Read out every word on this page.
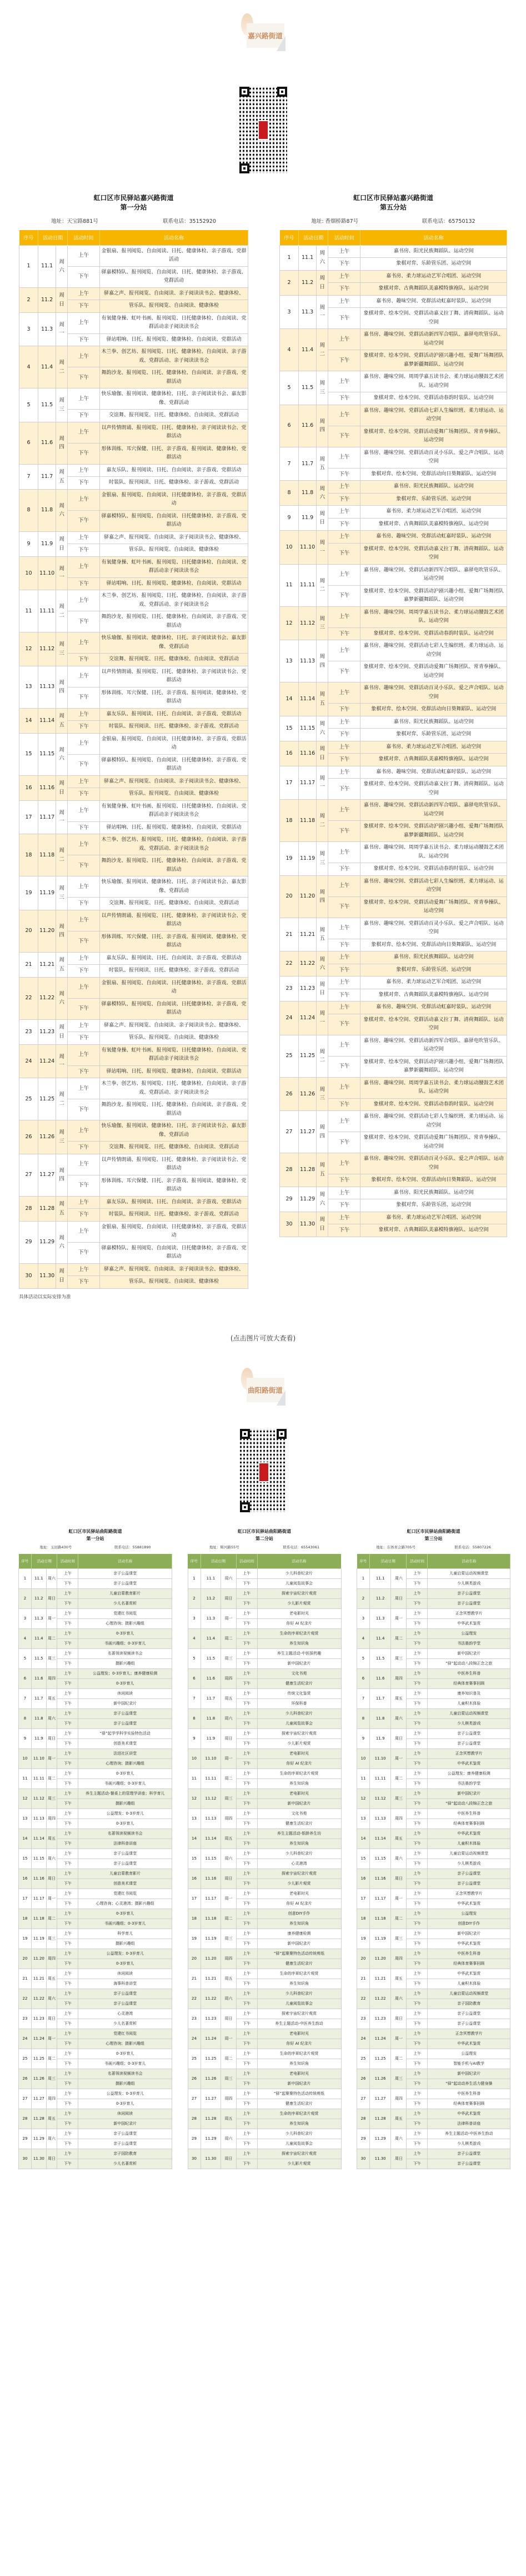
嘉兴路街道
虹口区市民驿站嘉兴路街道
第一分站
地址：天宝路881号	联系电话：35152920
序号	活动日期		活动时间	活动名称
1	11.1	周六	上午	金银扇、报刊阅览、自由阅读、日托、健康体检、亲子游戏、党群活动
			下午	驿嘉模特队、报刊阅览、自由阅读、日托、健康体检、亲子游戏、党群活动
2	11.2	周日	上午	驿嘉之声、报刊阅览、自由阅读、亲子阅读读书会、健康体检、
			下午	管乐队、报刊阅览、自由阅读、健康体检
3	11.3	周一	上午	有氧健身操、虹叶书画、报刊阅览、日托健康体检、自由阅读、党群活动亲子阅读读书会
			下午	驿站唱响、日托、报刊阅览、健康体检、自由阅读、党群活动
4	11.4	周二	上午	木兰拳、创艺坊、报刊阅览、日托、健康体检、自由阅读、亲子游戏、党群活动、亲子阅读读书会
			下午	舞韵沙龙、报刊阅览、日托、健康体检、自由阅读、亲子游戏、党群活动
5	11.5	周三	上午	快乐瑜伽、报刊阅读、健康体检、日托、亲子阅读读书会、嘉友影像、党群活动
			下午	交谊舞、报刊阅览、日托、健康体检、自由阅读、党群活动
6	11.6	周四	上午	以声传情朗诵、报刊阅览、日托、健康体检、亲子阅读读书会、党群活动
			下午	形体训练、耳穴保健、日托、亲子游戏、报刊阅读、健康体检、党群活动
7	11.7	周五	上午	嘉友乐队、报刊阅读、日托、自由阅读、亲子游戏、党群活动
			下午	时装队、报刊阅读、日托、健康体检、亲子游戏、党群活动
8	11.8	周六	上午	金银扇、报刊阅览、自由阅读、日托健康体检、亲子游戏、党群活动
			下午	驿嘉模特队、报刊阅览、自由阅读、日托健康体检、亲子游戏、党群活动
9	11.9	周日	上午	驿嘉之声、报刊阅览、自由阅读、亲子阅读读书会、健康体检、
			下午	管乐队、报刊阅览、自由阅读、健康体检
10	11.10	周一	上午	有氧健身操、虹叶书画、报刊阅览、日托健康体检、自由阅读、党群活动亲子阅读读书会
			下午	驿站唱响、日托、报刊阅览、健康体检、自由阅读、党群活动
11	11.11	周二	上午	木兰拳、创艺坊、报刊阅览、日托、健康体检、自由阅读、亲子游戏、党群活动、亲子阅读读书会
			下午	舞韵沙龙、报刊阅览、日托、健康体检、自由阅读、亲子游戏、党群活动
12	11.12	周三	上午	快乐瑜伽、报刊阅读、健康体检、日托、亲子阅读读书会、嘉友影像、党群活动
			下午	交谊舞、报刊阅览、日托、健康体检、自由阅读、党群活动
13	11.13	周四	上午	以声传情朗诵、报刊阅览、日托、健康体检、亲子阅读读书会、党群活动
			下午	形体训练、耳穴保健、日托、亲子游戏、报刊阅读、健康体检、党群活动
14	11.14	周五	上午	嘉友乐队、报刊阅读、日托、自由阅读、亲子游戏、党群活动
			下午	时装队、报刊阅读、日托、健康体检、亲子游戏、党群活动
15	11.15	周六	上午	金银扇、报刊阅览、自由阅读、日托健康体检、亲子游戏、党群活动
			下午	驿嘉模特队、报刊阅览、自由阅读、日托健康体检、亲子游戏、党群活动
16	11.16	周日	上午	驿嘉之声、报刊阅览、自由阅读、亲子阅读读书会、健康体检、
			下午	管乐队、报刊阅览、自由阅读、健康体检
17	11.17	周一	上午	有氧健身操、虹叶书画、报刊阅览、日托健康体检、自由阅读、党群活动亲子阅读读书会
			下午	驿站唱响、日托、报刊阅览、健康体检、自由阅读、党群活动
18	11.18	周二	上午	木兰拳、创艺坊、报刊阅览、日托、健康体检、自由阅读、亲子游戏、党群活动、亲子阅读读书会
			下午	舞韵沙龙、报刊阅览、日托、健康体检、自由阅读、亲子游戏、党群活动
19	11.19	周三	上午	快乐瑜伽、报刊阅读、健康体检、日托、亲子阅读读书会、嘉友影像、党群活动
			下午	交谊舞、报刊阅览、日托、健康体检、自由阅读、党群活动
20	11.20	周四	上午	以声传情朗诵、报刊阅览、日托、健康体检、亲子阅读读书会、党群活动
			下午	形体训练、耳穴保健、日托、亲子游戏、报刊阅读、健康体检、党群活动
21	11.21	周五	上午	嘉友乐队、报刊阅读、日托、自由阅读、亲子游戏、党群活动
			下午	时装队、报刊阅读、日托、健康体检、亲子游戏、党群活动
22	11.22	周六	上午	金银扇、报刊阅览、自由阅读、日托健康体检、亲子游戏、党群活动
			下午	驿嘉模特队、报刊阅览、自由阅读、日托健康体检、亲子游戏、党群活动
23	11.23	周日	上午	驿嘉之声、报刊阅览、自由阅读、亲子阅读读书会、健康体检、
			下午	管乐队、报刊阅览、自由阅读、健康体检
24	11.24	周一	上午	有氧健身操、虹叶书画、报刊阅览、日托健康体检、自由阅读、党群活动亲子阅读读书会
			下午	驿站唱响、日托、报刊阅览、健康体检、自由阅读、党群活动
25	11.25	周二	上午	木兰拳、创艺坊、报刊阅览、日托、健康体检、自由阅读、亲子游戏、党群活动、亲子阅读读书会
			下午	舞韵沙龙、报刊阅览、日托、健康体检、自由阅读、亲子游戏、党群活动
26	11.26	周三	上午	快乐瑜伽、报刊阅读、健康体检、日托、亲子阅读读书会、嘉友影像、党群活动
			下午	交谊舞、报刊阅览、日托、健康体检、自由阅读、党群活动
27	11.27	周四	上午	以声传情朗诵、报刊阅览、日托、健康体检、亲子阅读读书会、党群活动
			下午	形体训练、耳穴保健、日托、亲子游戏、报刊阅读、健康体检、党群活动
28	11.28	周五	上午	嘉友乐队、报刊阅读、日托、自由阅读、亲子游戏、党群活动
			下午	时装队、报刊阅读、日托、健康体检、亲子游戏、党群活动
29	11.29	周六	上午	金银扇、报刊阅览、自由阅读、日托健康体检、亲子游戏、党群活动
			下午	驿嘉模特队、报刊阅览、自由阅读、日托健康体检、亲子游戏、党群活动
30	11.30	周日	上午	驿嘉之声、报刊阅览、自由阅读、亲子阅读读书会、健康体检、
			下午	管乐队、报刊阅览、自由阅读、健康体检
具体活动以实际安排为准
虹口区市民驿站嘉兴路街道
第五分站
地址: 香烟桥路87号	联系电话：65750132
序号	活动日期		活动时间	活动名称
1	11.1	周六	上午	嘉书房、阳光民族舞蹈队、运动空间
			下午	象棋对弈、乐龄管乐团、运动空间
2	11.2	周日	上午	嘉书房、柔力球运动艺军合唱团、运动空间
			下午	象棋对弈、古典舞蹈队美嘉模特旗袍队、运动空间
3	11.3	周一	上午	嘉书房、趣味空间、党群活动虹嘉时装队、运动空间
			下午	象棋对弈、绘本空间、党群活动嘉义拉丁舞、清荷舞蹈队、运动空间
4	11.4	周二	上午	嘉书房、趣味空间、党群活动新四军合唱队、嘉驿电吹管乐队、运动空间
			下午	象棋对弈、绘本空间、党群活动沪剧兴趣小组、爱舞广场舞团队嘉梦新疆舞蹈队、运动空间
5	11.5	周三	上午	嘉书房、趣味空间、周周学嘉五读书会、柔力球运动腰鼓艺术团队、运动空间
			下午	象棋对弈、绘本空间、党群活动春韵时装队、运动空间
6	11.6	周四	上午	嘉书房、趣味空间、党群活动七彩人生编织班、柔力球运动、运动空间
			下午	象棋对弈、绘本空间、党群活动爱舞广场舞团队、常青拳操队、运动空间
7	11.7	周五	上午	嘉书房、趣味空间、党群活动百灵小乐队、爱之声合唱队、运动空间
			下午	象棋对弈、绘本空间、党群活动向日葵舞蹈队、运动空间
8	11.8	周六	上午	嘉书房、阳光民族舞蹈队、运动空间
			下午	象棋对弈、乐龄管乐团、运动空间
9	11.9	周日	上午	嘉书房、柔力球运动艺军合唱团、运动空间
			下午	象棋对弈、古典舞蹈队美嘉模特旗袍队、运动空间
10	11.10	周一	上午	嘉书房、趣味空间、党群活动虹嘉时装队、运动空间
			下午	象棋对弈、绘本空间、党群活动嘉义拉丁舞、清荷舞蹈队、运动空间
11	11.11	周二	上午	嘉书房、趣味空间、党群活动新四军合唱队、嘉驿电吹管乐队、运动空间
			下午	象棋对弈、绘本空间、党群活动沪剧兴趣小组、爱舞广场舞团队嘉梦新疆舞蹈队、运动空间
12	11.12	周三	上午	嘉书房、趣味空间、周周学嘉五读书会、柔力球运动腰鼓艺术团队、运动空间
			下午	象棋对弈、绘本空间、党群活动春韵时装队、运动空间
13	11.13	周四	上午	嘉书房、趣味空间、党群活动七彩人生编织班、柔力球运动、运动空间
			下午	象棋对弈、绘本空间、党群活动爱舞广场舞团队、常青拳操队、运动空间
14	11.14	周五	上午	嘉书房、趣味空间、党群活动百灵小乐队、爱之声合唱队、运动空间
			下午	象棋对弈、绘本空间、党群活动向日葵舞蹈队、运动空间
15	11.15	周六	上午	嘉书房、阳光民族舞蹈队、运动空间
			下午	象棋对弈、乐龄管乐团、运动空间
16	11.16	周日	上午	嘉书房、柔力球运动艺军合唱团、运动空间
			下午	象棋对弈、古典舞蹈队美嘉模特旗袍队、运动空间
17	11.17	周一	上午	嘉书房、趣味空间、党群活动虹嘉时装队、运动空间
			下午	象棋对弈、绘本空间、党群活动嘉义拉丁舞、清荷舞蹈队、运动空间
18	11.18	周二	上午	嘉书房、趣味空间、党群活动新四军合唱队、嘉驿电吹管乐队、运动空间
			下午	象棋对弈、绘本空间、党群活动沪剧兴趣小组、爱舞广场舞团队嘉梦新疆舞蹈队、运动空间
19	11.19	周三	上午	嘉书房、趣味空间、周周学嘉五读书会、柔力球运动腰鼓艺术团队、运动空间
			下午	象棋对弈、绘本空间、党群活动春韵时装队、运动空间
20	11.20	周四	上午	嘉书房、趣味空间、党群活动七彩人生编织班、柔力球运动、运动空间
			下午	象棋对弈、绘本空间、党群活动爱舞广场舞团队、常青拳操队、运动空间
21	11.21	周五	上午	嘉书房、趣味空间、党群活动百灵小乐队、爱之声合唱队、运动空间
			下午	象棋对弈、绘本空间、党群活动向日葵舞蹈队、运动空间
22	11.22	周六	上午	嘉书房、阳光民族舞蹈队、运动空间
			下午	象棋对弈、乐龄管乐团、运动空间
23	11.23	周日	上午	嘉书房、柔力球运动艺军合唱团、运动空间
			下午	象棋对弈、古典舞蹈队美嘉模特旗袍队、运动空间
24	11.24	周一	上午	嘉书房、趣味空间、党群活动虹嘉时装队、运动空间
			下午	象棋对弈、绘本空间、党群活动嘉义拉丁舞、清荷舞蹈队、运动空间
25	11.25	周二	上午	嘉书房、趣味空间、党群活动新四军合唱队、嘉驿电吹管乐队、运动空间
			下午	象棋对弈、绘本空间、党群活动沪剧兴趣小组、爱舞广场舞团队嘉梦新疆舞蹈队、运动空间
26	11.26	周三	上午	嘉书房、趣味空间、周周学嘉五读书会、柔力球运动腰鼓艺术团队、运动空间
			下午	象棋对弈、绘本空间、党群活动春韵时装队、运动空间
27	11.27	周四	上午	嘉书房、趣味空间、党群活动七彩人生编织班、柔力球运动、运动空间
			下午	象棋对弈、绘本空间、党群活动爱舞广场舞团队、常青拳操队、运动空间
28	11.28	周五	上午	嘉书房、趣味空间、党群活动百灵小乐队、爱之声合唱队、运动空间
			下午	象棋对弈、绘本空间、党群活动向日葵舞蹈队、运动空间
29	11.29	周六	上午	嘉书房、阳光民族舞蹈队、运动空间
			下午	象棋对弈、乐龄管乐团、运动空间
30	11.30	周日	上午	嘉书房、柔力球运动艺军合唱团、运动空间
			下午	象棋对弈、古典舞蹈队美嘉模特旗袍队、运动空间
(点击图片可放大查看)
曲阳路街道
虹口区市民驿站曲阳路街道
第一分站
地址：玉田路430号	联系电话：55881890
序号	活动日期		活动时间	活动名称
1	11.1	周六	上午	亲子公益课堂
			下午	亲子公益课堂
2	11.2	周日	上午	儿童启蒙教育影片
			下午	少儿名著赏析
3	11.3	周一	上午	党建红书阅览
			下午	心理咨询；摄影兴趣组
4	11.4	周二	上午	0-3岁育儿
			下午	书画兴趣组；0-3岁育儿
5	11.5	周三	上午	名著领读视频读书会
			下午	摄影兴趣组
6	11.6	周四	上午	公益理发；0-3岁育儿；康养健康检测
			下午	0-3岁育儿
7	11.7	周五	上午	休闲阅读
			下午	新中国纪录片
8	11.8	周六	上午	亲子公益课堂
			下午	亲子公益课堂
9	11.9	周日	上午	“驿”起学学科学实验特色活动
			下午	创意美术课堂
10	11.10	周一	上午	法进社区讲堂
			下午	心理咨询；摄影兴趣组
11	11.11	周二	上午	0-3岁育儿
			下午	书画兴趣组；0-3岁育儿
12	11.12	周三	上午	养生主题活动-餐桌上的管理学讲座；科学育儿
			下午	摄影兴趣组
13	11.13	周四	上午	公益理发；0-3岁育儿
			下午	0-3岁育儿
14	11.14	周五	上午	名著领读视频读书会
			下午	法律科普讲座
15	11.15	周六	上午	亲子公益课堂
			下午	亲子公益课堂
16	11.16	周日	上午	儿童启蒙教育影片
			下午	创意美术课堂
17	11.17	周一	上午	党建红书阅览
			下午	心理咨询；心灵港湾；摄影兴趣组
18	11.18	周二	上午	0-3岁育儿
			下午	书画兴趣组；0-3岁育儿
19	11.19	周三	上午	科学育儿
			下午	摄影兴趣组
20	11.20	周四	上午	公益理发；0-3岁育儿
			下午	0-3岁育儿
21	11.21	周五	上午	休闲阅读
			下午	海事科普讲堂
22	11.22	周六	上午	亲子公益课堂
			下午	亲子公益课堂
23	11.23	周日	上午	心灵港湾
			下午	少儿名著赏析
24	11.24	周一	上午	党建红书阅览
			下午	心理咨询；摄影兴趣组
25	11.25	周二	上午	0-3岁育儿
			下午	书画兴趣组；0-3岁育儿
26	11.26	周三	上午	名著领读视频读书会
			下午	摄影兴趣组
27	11.27	周四	上午	公益理发；0-3岁育儿
			下午	0-3岁育儿
28	11.28	周五	上午	休闲阅读
			下午	新中国纪录片
29	11.29	周六	上午	亲子公益课堂
			下午	亲子公益课堂
30	11.30	周日	上午	亲子国防教育
			下午	少儿名著赏析
虹口区市民驿站曲阳路街道
第二分站
地址：辉河路55号	联系电话：65543061
序号	活动日期		活动时间	活动名称
1	11.1	周六	上午	少儿科普纪录片
			下午	儿童阅览故事会
2	11.2	周日	上午	探索宇宙纪录片观赏
			下午	少儿影片观赏
3	11.3	周一	上午	老电影时光
			下午	你好 AI 纪录片
4	11.4	周二	上午	生命的序章纪录片观赏
			下午	养生知识角
5	11.5	周三	上午	养生主题活动-中医探药趣
			下午	新中国纪录片
6	11.6	周四	上午	文化书苑
			下午	健康生活纪录片
7	11.7	周五	上午	传统文化鉴赏
			下午	环保科普
8	11.8	周六	上午	少儿科普纪录片
			下午	儿童阅览故事会
9	11.9	周日	上午	探索宇宙纪录片观赏
			下午	少儿影片观赏
10	11.10	周一	上午	老电影时光
			下午	你好 AI 纪录片
11	11.11	周二	上午	生命的序章纪录片观赏
			下午	养生知识角
12	11.12	周三	上午	老电影时光
			下午	新中国纪录片
13	11.13	周四	上午	文化书苑
			下午	健康生活纪录片
14	11.14	周五	上午	养生主题活动-银龄养生坊
			下午	养生知识角
15	11.15	周六	上午	少儿科普纪录片
			下午	心灵港湾
16	11.16	周日	上午	探索宇宙纪录片观赏
			下午	少儿影片观赏
17	11.17	周一	上午	老电影时光
			下午	你好 AI 纪录片
18	11.18	周二	上午	创意DIY手作
			下午	养生知识角
19	11.19	周三	上午	康养健康检测
			下午	新中国纪录片
20	11.20	周四	上午	“驿”起聚聚特色活动传统剪纸
			下午	健康生活纪录片
21	11.21	周五	上午	生命的序章纪录片观赏
			下午	养生知识角
22	11.22	周六	上午	少儿科普纪录片
			下午	儿童阅览故事会
23	11.23	周日	上午	探索宇宙纪录片观赏
			下午	养生主题活动-中医养生韵动
24	11.24	周一	上午	老电影时光
			下午	你好 AI 纪录片
25	11.25	周二	上午	生命的序章纪录片观赏
			下午	养生知识角
26	11.26	周三	上午	老电影时光
			下午	新中国纪录片
27	11.27	周四	上午	“驿”起聚聚特色活动传统剪纸
			下午	健康生活纪录片
28	11.28	周五	上午	生命的序章纪录片观赏
			下午	养生知识角
29	11.29	周六	上午	少儿科普纪录片
			下午	儿童阅览故事会
30	11.30	周日	上午	探索宇宙纪录片观赏
			下午	少儿影片观赏
虹口区市民驿站曲阳路街道
第三分站
地址：东体育会路705号	联系电话：55807226
序号	活动日期		活动时间	活动名称
1	11.1	周六	上午	儿童启蒙运动视频课堂
			下午	少儿棋类游戏
2	11.2	周日	上午	亲子公益课堂
			下午	亲子公益课堂
3	11.3	周一	上午	正念冥想教学片
			下午	中华武术鉴赏
4	11.4	周二	上午	公益理发
			下午	书法墨韵学堂
5	11.5	周三	上午	新中国纪录片
			下午	“驿”起动动八段锦正念之旅
6	11.6	周四	上午	中医养生科普
			下午	经典体育赛事回顾
7	11.7	周五	上午	康养知识普及
			下午	儿童积木体验
8	11.8	周六	上午	儿童启蒙运动视频课堂
			下午	少儿棋类游戏
9	11.9	周日	上午	亲子公益课堂
			下午	亲子公益课堂
10	11.10	周一	上午	正念冥想教学片
			下午	中华武术鉴赏
11	11.11	周二	上午	公益理发；康养健康检测
			下午	书法墨韵学堂
12	11.12	周三	上午	新中国纪录片
			下午	“驿”起动动八段锦正念之旅
13	11.13	周四	上午	中医养生科普
			下午	经典体育赛事回顾
14	11.14	周五	上午	中华武术鉴赏
			下午	儿童积木体验
15	11.15	周六	上午	儿童启蒙运动视频课堂
			下午	少儿棋类游戏
16	11.16	周日	上午	亲子公益课堂
			下午	亲子公益课堂
17	11.17	周一	上午	正念冥想教学片
			下午	中华武术鉴赏
18	11.18	周二	上午	公益理发
			下午	创意DIY手作
19	11.19	周三	上午	新中国纪录片
			下午	中华武术鉴赏
20	11.20	周四	上午	中医养生科普
			下午	经典体育赛事回顾
21	11.21	周五	上午	中华武术鉴赏
			下午	儿童积木体验
22	11.22	周六	上午	儿童启蒙运动视频课堂
			下午	亲子国防教育
23	11.23	周日	上午	亲子公益课堂
			下午	亲子公益课堂
24	11.24	周一	上午	正念冥想教学片
			下午	中华武术鉴赏
25	11.25	周二	上午	公益理发
			下午	智能手机与AI教学
26	11.26	周三	上午	新中国纪录片
			下午	“驿”起动动养生活力健身操
27	11.27	周四	上午	中医养生科普
			下午	经典体育赛事回顾
28	11.28	周五	上午	中华武术鉴赏
			下午	法律科普讲座
29	11.29	周六	上午	养生主题活动-中医养生韵动
			下午	少儿棋类游戏
30	11.30	周日	上午	亲子公益课堂
			下午	亲子公益课堂
